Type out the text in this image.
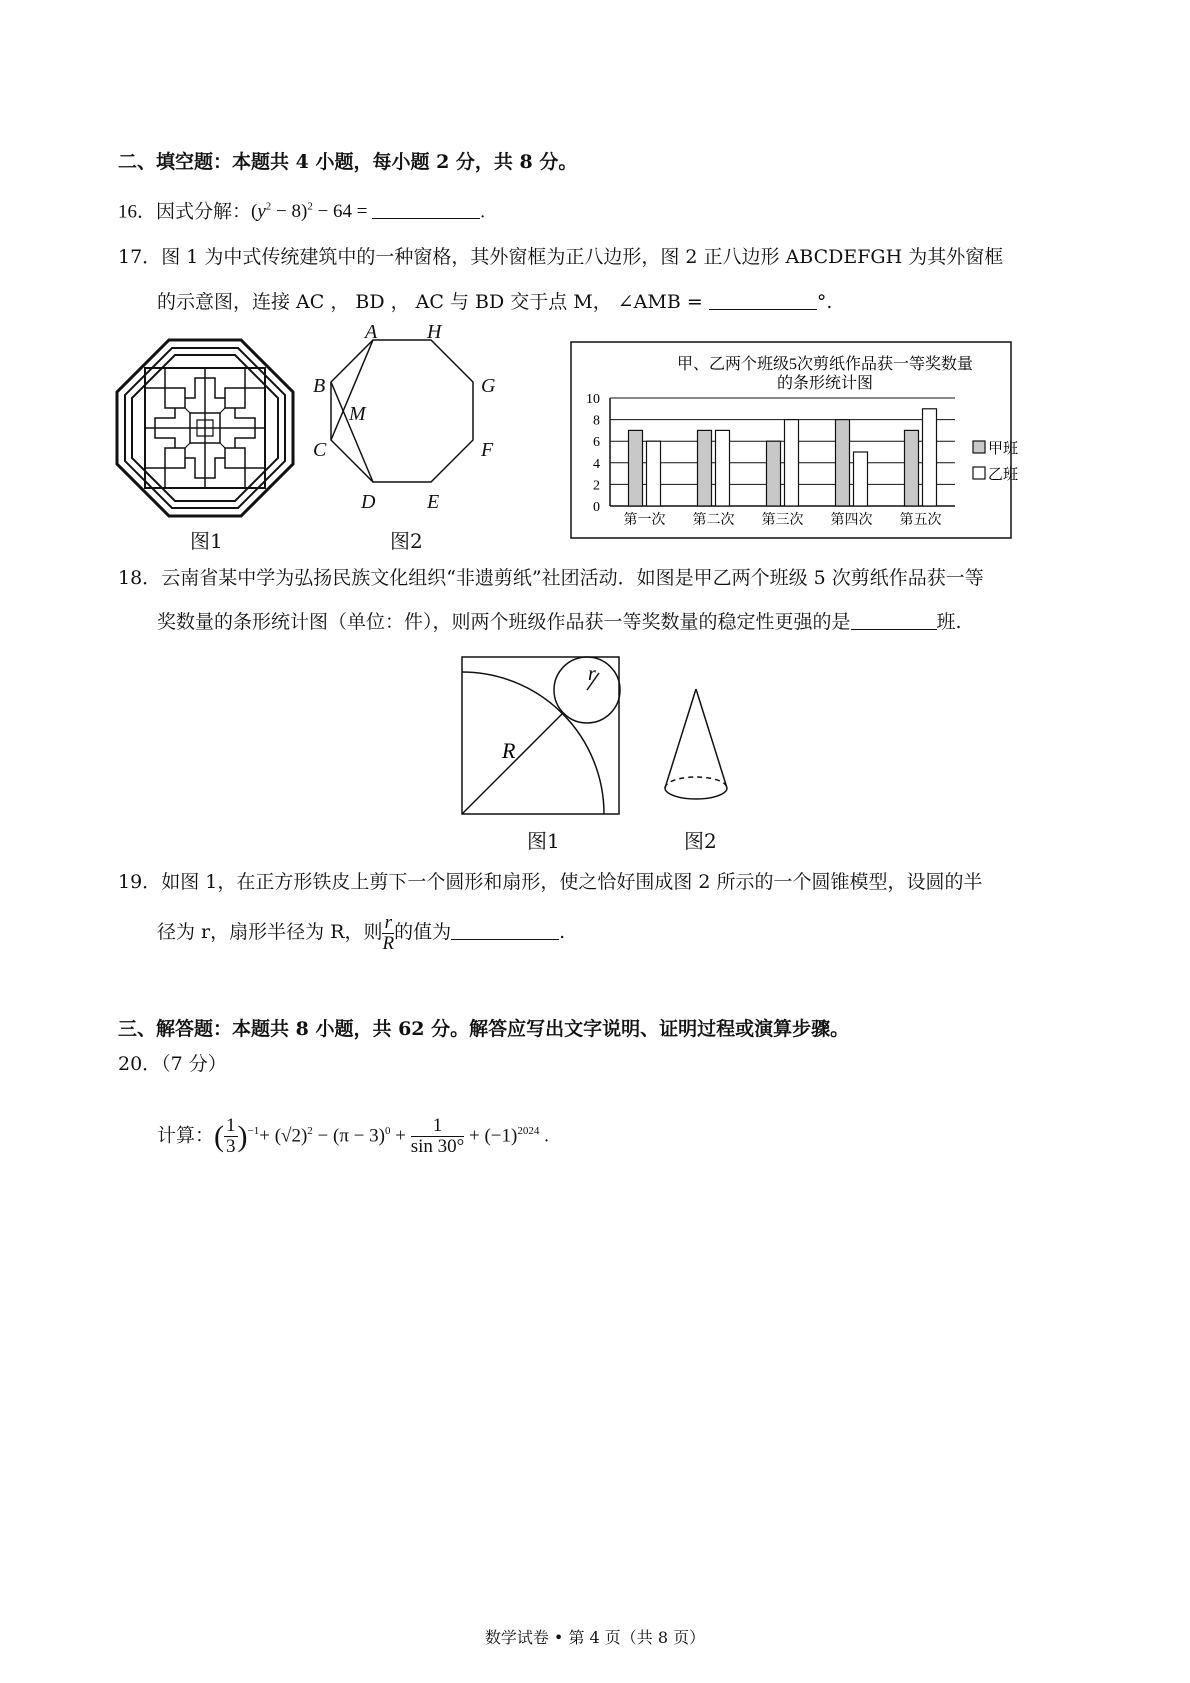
二、填空题：本题共 4 小题，每小题 2 分，共 8 分。
16．因式分解：$(y^2 - 8)^2 - 64$ =	.
17．图 1 为中式传统建筑中的一种窗格，其外窗框为正八边形，图 2 正八边形 ABCDEFGH 为其外窗框
的示意图，连接 AC ， BD ， AC 与 BD 交于点 M， ∠AMB =	°.
图1
A H
B	G
M
C	F
D	E
图2
甲、乙两个班级5次剪纸作品获一等奖数量
的条形统计图
0
2
4
6
8
10
第一次 第二次 第三次 第四次 第五次
甲班
乙班
18．云南省某中学为弘扬民族文化组织“非遗剪纸”社团活动．如图是甲乙两个班级 5 次剪纸作品获一等
奖数量的条形统计图（单位：件），则两个班级作品获一等奖数量的稳定性更强的是	班.
R
r
图1	图2
19．如图 1，在正方形铁皮上剪下一个圆形和扇形，使之恰好围成图 2 所示的一个圆锥模型，设圆的半
径为 r，扇形半径为 R，则 $\frac{r}{R}$ 的值为	.
三、解答题：本题共 8 小题，共 62 分。解答应写出文字说明、证明过程或演算步骤。
20．（7 分）
计算：( $\frac{1}{3} )^{-1}+ (√2)^2 - (\pi - 3)^0 + \frac{1}{\sin 30^\circ} + (-1)^{2024}$ .
数学试卷 • 第 4 页（共 8 页）
